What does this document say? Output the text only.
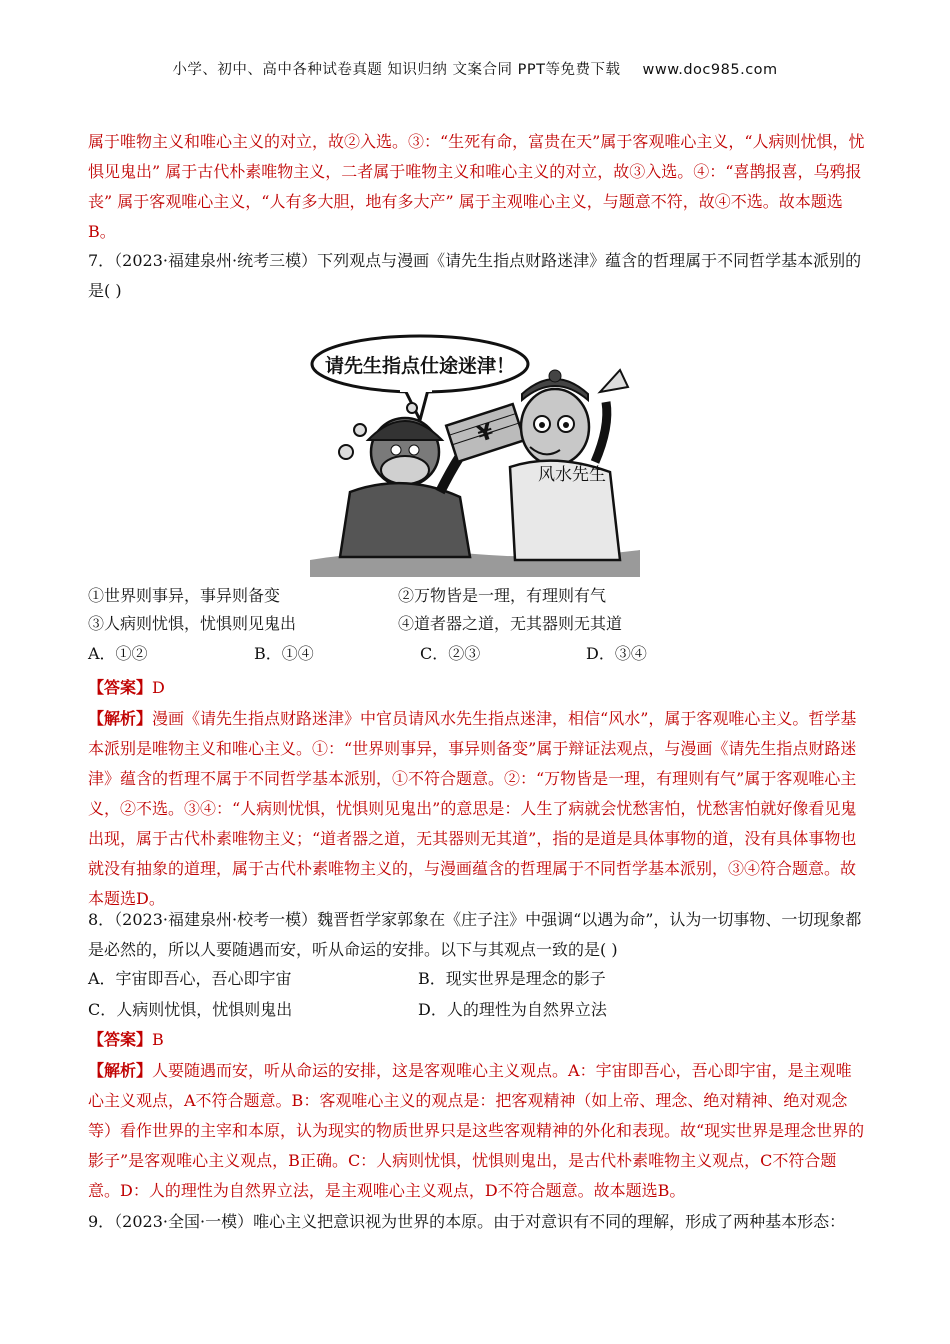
小学、初中、高中各种试卷真题 知识归纳 文案合同 PPT等免费下载 www.doc985.com

属于唯物主义和唯心主义的对立，故②入选。③：“生死有命，富贵在天”属于客观唯心主义，“人病则忧惧，忧惧见鬼出” 属于古代朴素唯物主义，二者属于唯物主义和唯心主义的对立，故③入选。④：“喜鹊报喜，乌鸦报丧” 属于客观唯心主义，“人有多大胆，地有多大产” 属于主观唯心主义，与题意不符，故④不选。故本题选B。

7．（2023·福建泉州·统考三模）下列观点与漫画《请先生指点财路迷津》蕴含的哲理属于不同哲学基本派别的是( )

请先生指点仕途迷津！
¥
风水先生
①世界则事异，事异则备变	②万物皆是一理，有理则有气
③人病则忧惧，忧惧则见鬼出	④道者器之道，无其器则无其道
A．①②	B．①④	C．②③	D．③④
【答案】D

【解析】漫画《请先生指点财路迷津》中官员请风水先生指点迷津，相信“风水”，属于客观唯心主义。哲学基本派别是唯物主义和唯心主义。①：“世界则事异，事异则备变”属于辩证法观点，与漫画《请先生指点财路迷津》蕴含的哲理不属于不同哲学基本派别，①不符合题意。②：“万物皆是一理，有理则有气”属于客观唯心主义，②不选。③④：“人病则忧惧，忧惧则见鬼出”的意思是：人生了病就会忧愁害怕，忧愁害怕就好像看见鬼出现，属于古代朴素唯物主义；“道者器之道，无其器则无其道”，指的是道是具体事物的道，没有具体事物也就没有抽象的道理，属于古代朴素唯物主义的，与漫画蕴含的哲理属于不同哲学基本派别，③④符合题意。故本题选D。

8．（2023·福建泉州·校考一模）魏晋哲学家郭象在《庄子注》中强调“以遇为命”，认为一切事物、一切现象都是必然的，所以人要随遇而安，听从命运的安排。以下与其观点一致的是( )

A．宇宙即吾心，吾心即宇宙	B．现实世界是理念的影子
C．人病则忧惧，忧惧则鬼出	D．人的理性为自然界立法
【答案】B

【解析】人要随遇而安，听从命运的安排，这是客观唯心主义观点。A：宇宙即吾心，吾心即宇宙，是主观唯心主义观点，A不符合题意。B：客观唯心主义的观点是：把客观精神（如上帝、理念、绝对精神、绝对观念等）看作世界的主宰和本原，认为现实的物质世界只是这些客观精神的外化和表现。故“现实世界是理念世界的影子”是客观唯心主义观点，B正确。C：人病则忧惧，忧惧则鬼出，是古代朴素唯物主义观点，C不符合题意。D：人的理性为自然界立法，是主观唯心主义观点，D不符合题意。故本题选B。

9．（2023·全国·一模）唯心主义把意识视为世界的本原。由于对意识有不同的理解，形成了两种基本形态：
